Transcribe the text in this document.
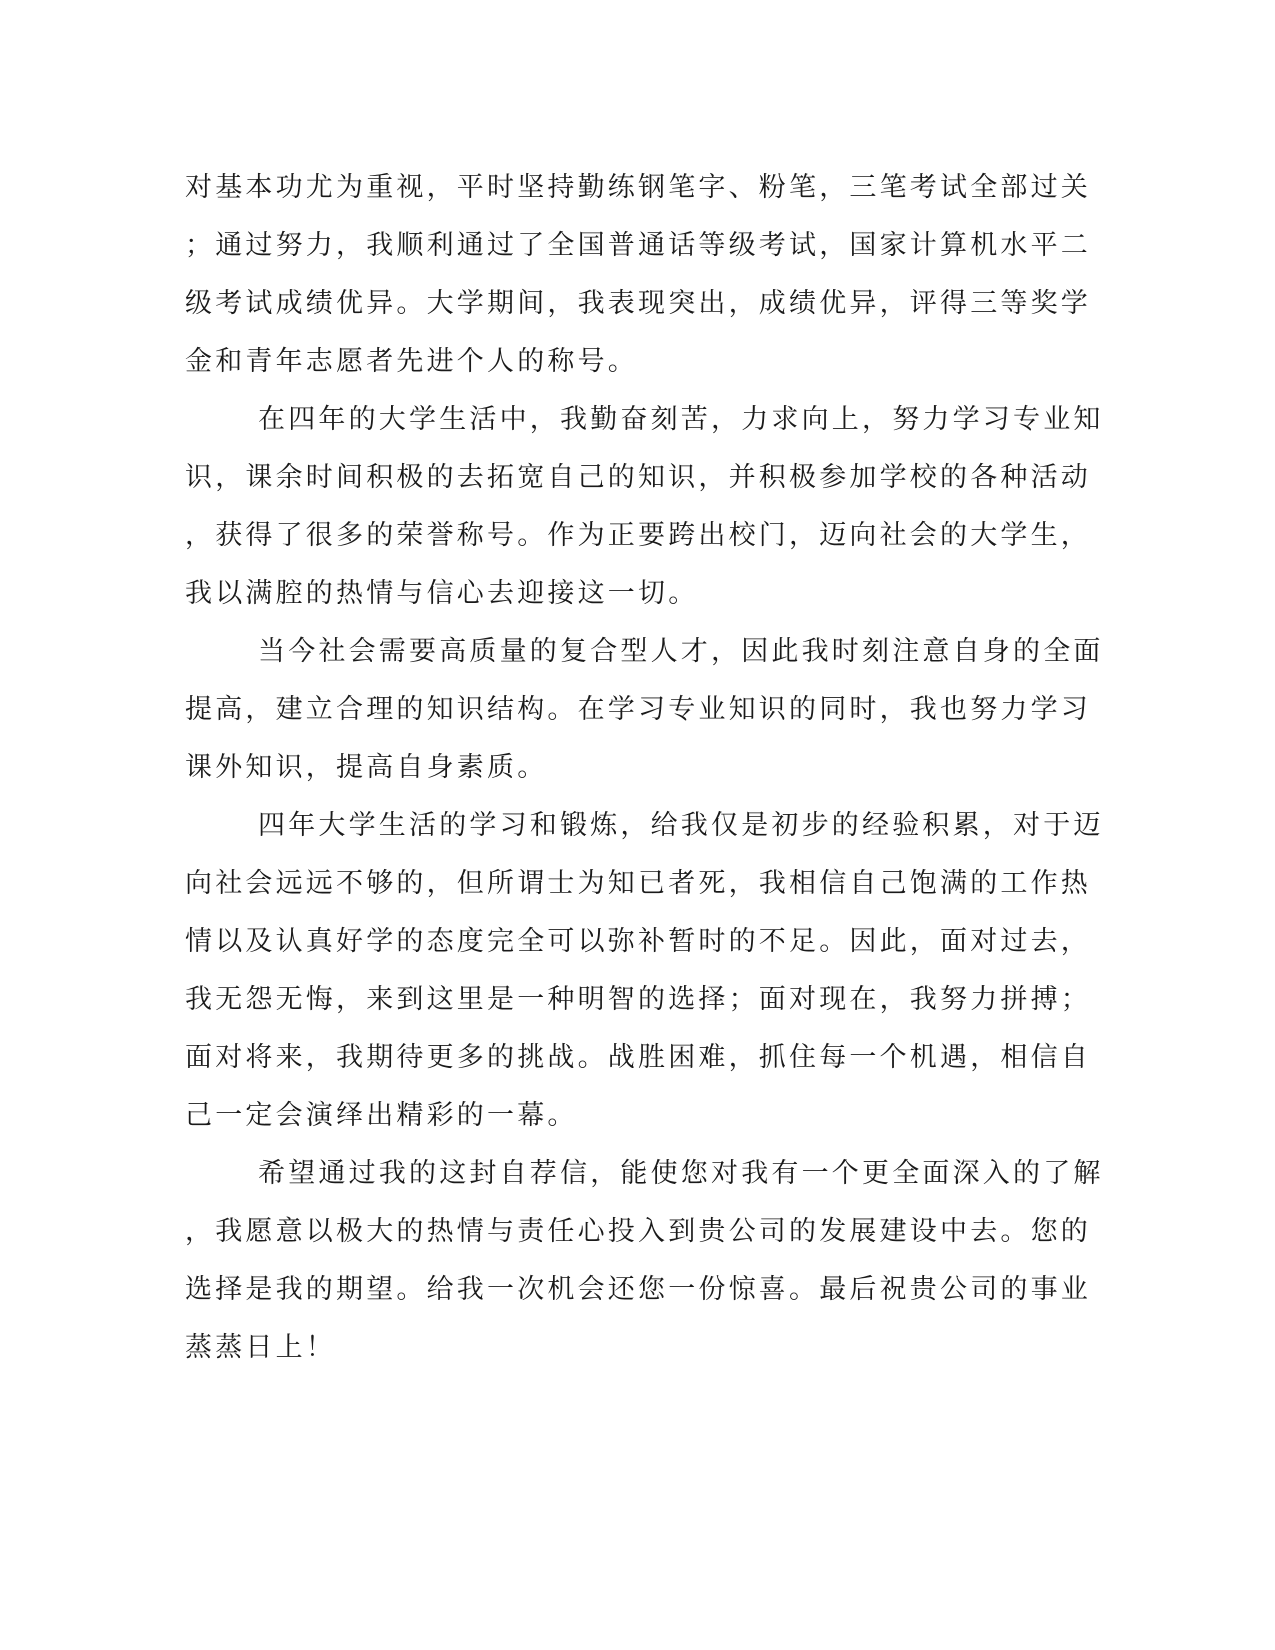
对基本功尤为重视，平时坚持勤练钢笔字、粉笔，三笔考试全部过关
；通过努力，我顺利通过了全国普通话等级考试，国家计算机水平二
级考试成绩优异。大学期间，我表现突出，成绩优异，评得三等奖学
金和青年志愿者先进个人的称号。
在四年的大学生活中，我勤奋刻苦，力求向上，努力学习专业知
识，课余时间积极的去拓宽自己的知识，并积极参加学校的各种活动
，获得了很多的荣誉称号。作为正要跨出校门，迈向社会的大学生，
我以满腔的热情与信心去迎接这一切。
当今社会需要高质量的复合型人才，因此我时刻注意自身的全面
提高，建立合理的知识结构。在学习专业知识的同时，我也努力学习
课外知识，提高自身素质。
四年大学生活的学习和锻炼，给我仅是初步的经验积累，对于迈
向社会远远不够的，但所谓士为知已者死，我相信自己饱满的工作热
情以及认真好学的态度完全可以弥补暂时的不足。因此，面对过去，
我无怨无悔，来到这里是一种明智的选择；面对现在，我努力拼搏；
面对将来，我期待更多的挑战。战胜困难，抓住每一个机遇，相信自
己一定会演绎出精彩的一幕。
希望通过我的这封自荐信，能使您对我有一个更全面深入的了解
，我愿意以极大的热情与责任心投入到贵公司的发展建设中去。您的
选择是我的期望。给我一次机会还您一份惊喜。最后祝贵公司的事业
蒸蒸日上！
